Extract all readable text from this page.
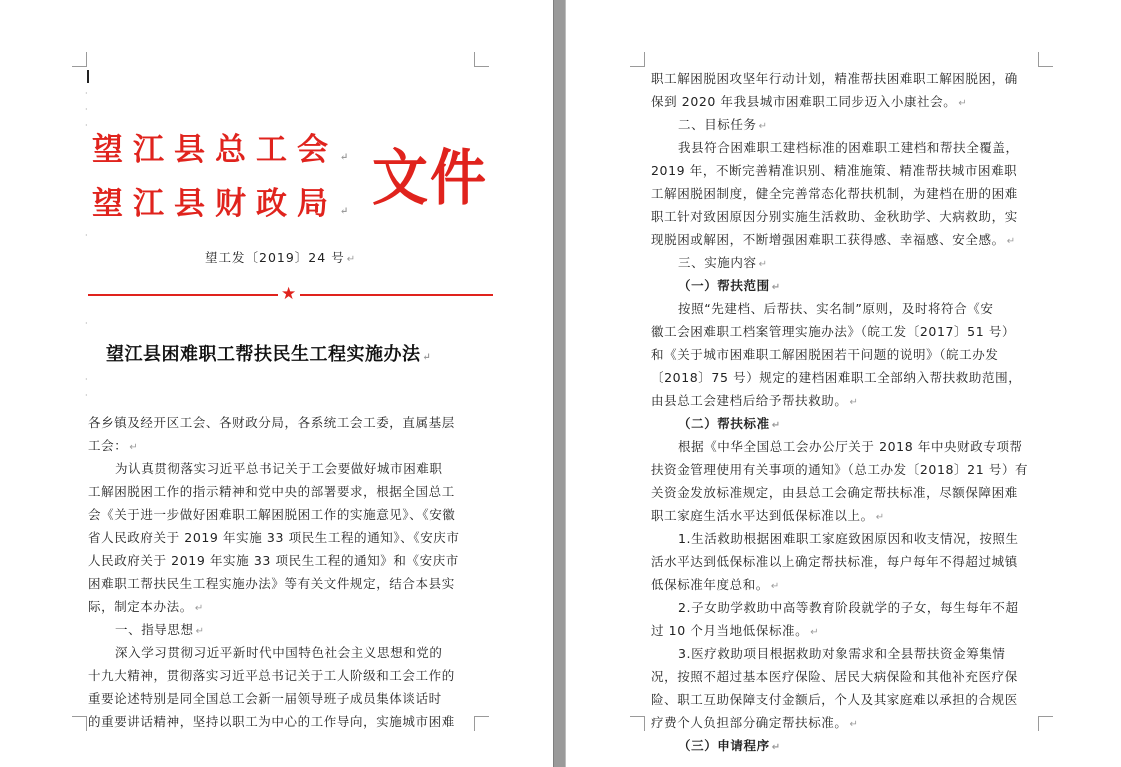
·
·
·
·
·
·
·
望江县总工会 ↵
望江县财政局 ↵ 文件
望工发〔2019〕24 号 ↵
★
望江县困难职工帮扶民生工程实施办法 ↵
各乡镇及经开区工会、各财政分局，各系统工会工委，直属基层
工会： ↵
为认真贯彻落实习近平总书记关于工会要做好城市困难职
工解困脱困工作的指示精神和党中央的部署要求，根据全国总工
会《关于进一步做好困难职工解困脱困工作的实施意见》、《安徽
省人民政府关于 2019 年实施 33 项民生工程的通知》、《安庆市
人民政府关于 2019 年实施 33 项民生工程的通知》和《安庆市
困难职工帮扶民生工程实施办法》等有关文件规定，结合本县实
际，制定本办法。 ↵
一、指导思想 ↵
深入学习贯彻习近平新时代中国特色社会主义思想和党的
十九大精神，贯彻落实习近平总书记关于工人阶级和工会工作的
重要论述特别是同全国总工会新一届领导班子成员集体谈话时
的重要讲话精神，坚持以职工为中心的工作导向，实施城市困难
职工解困脱困攻坚年行动计划，精准帮扶困难职工解困脱困，确
保到 2020 年我县城市困难职工同步迈入小康社会。 ↵
二、目标任务 ↵
我县符合困难职工建档标准的困难职工建档和帮扶全覆盖，
2019 年，不断完善精准识别、精准施策、精准帮扶城市困难职
工解困脱困制度，健全完善常态化帮扶机制，为建档在册的困难
职工针对致困原因分别实施生活救助、金秋助学、大病救助，实
现脱困或解困，不断增强困难职工获得感、幸福感、安全感。 ↵
三、实施内容 ↵
（一）帮扶范围 ↵
按照“先建档、后帮扶、实名制”原则，及时将符合《安
徽工会困难职工档案管理实施办法》（皖工发〔2017〕51 号）
和《关于城市困难职工解困脱困若干问题的说明》（皖工办发
〔2018〕75 号）规定的建档困难职工全部纳入帮扶救助范围，
由县总工会建档后给予帮扶救助。 ↵
（二）帮扶标准 ↵
根据《中华全国总工会办公厅关于 2018 年中央财政专项帮
扶资金管理使用有关事项的通知》（总工办发〔2018〕21 号）有
关资金发放标准规定，由县总工会确定帮扶标准，尽额保障困难
职工家庭生活水平达到低保标准以上。 ↵
1.生活救助根据困难职工家庭致困原因和收支情况，按照生
活水平达到低保标准以上确定帮扶标准，每户每年不得超过城镇
低保标准年度总和。 ↵
2.子女助学救助中高等教育阶段就学的子女，每生每年不超
过 10 个月当地低保标准。 ↵
3.医疗救助项目根据救助对象需求和全县帮扶资金筹集情
况，按照不超过基本医疗保险、居民大病保险和其他补充医疗保
险、职工互助保障支付金额后，个人及其家庭难以承担的合规医
疗费个人负担部分确定帮扶标准。 ↵
（三）申请程序 ↵
